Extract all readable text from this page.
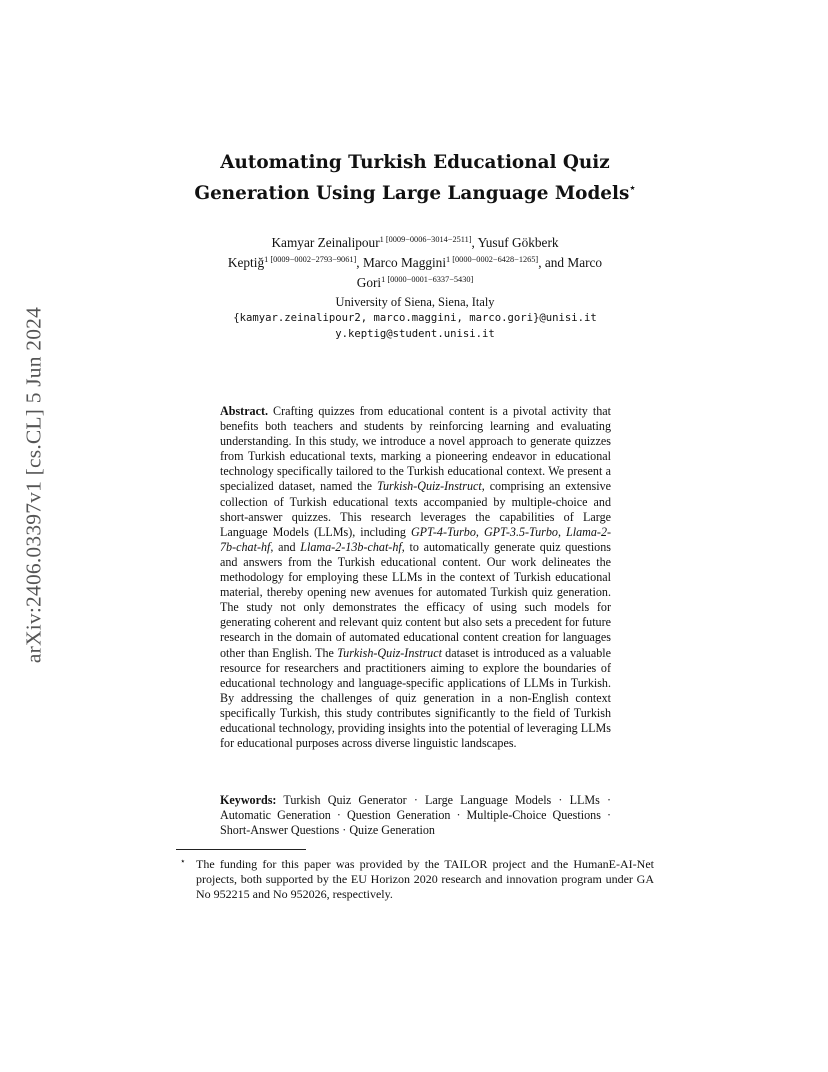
arXiv:2406.03397v1 [cs.CL] 5 Jun 2024
Automating Turkish Educational Quiz
Generation Using Large Language Models⋆
Kamyar Zeinalipour$^{1 [0009-0006-3014-2511]}$, Yusuf Gökberk
Keptiğ$^{1 [0009-0002-2793-9061]}$, Marco Maggini$^{1 [0000-0002-6428-1265]}$, and Marco
Gori$^{1 [0000-0001-6337-5430]}$
University of Siena, Siena, Italy
{kamyar.zeinalipour2, marco.maggini, marco.gori}@unisi.it
y.keptig@student.unisi.it
Abstract. Crafting quizzes from educational content is a pivotal activity that benefits both teachers and students by reinforcing learning and evaluating understanding. In this study, we introduce a novel approach to generate quizzes from Turkish educational texts, marking a pioneering endeavor in educational technology specifically tailored to the Turkish educational context. We present a specialized dataset, named the Turkish-Quiz-Instruct, comprising an extensive collection of Turkish educational texts accompanied by multiple-choice and short-answer quizzes. This research leverages the capabilities of Large Language Models (LLMs), including GPT-4-Turbo, GPT-3.5-Turbo, Llama-2-7b-chat-hf, and Llama-2-13b-chat-hf, to automatically generate quiz questions and answers from the Turkish educational content. Our work delineates the methodology for employing these LLMs in the context of Turkish educational material, thereby opening new avenues for automated Turkish quiz generation. The study not only demonstrates the efficacy of using such models for generating coherent and relevant quiz content but also sets a precedent for future research in the domain of automated educational content creation for languages other than English. The Turkish-Quiz-Instruct dataset is introduced as a valuable resource for researchers and practitioners aiming to explore the boundaries of educational technology and language-specific applications of LLMs in Turkish. By addressing the challenges of quiz generation in a non-English context specifically Turkish, this study contributes significantly to the field of Turkish educational technology, providing insights into the potential of leveraging LLMs for educational purposes across diverse linguistic landscapes.
Keywords: Turkish Quiz Generator · Large Language Models · LLMs · Automatic Generation · Question Generation · Multiple-Choice Questions · Short-Answer Questions · Quize Generation
⋆ The funding for this paper was provided by the TAILOR project and the HumanE-AI-Net projects, both supported by the EU Horizon 2020 research and innovation program under GA No 952215 and No 952026, respectively.
